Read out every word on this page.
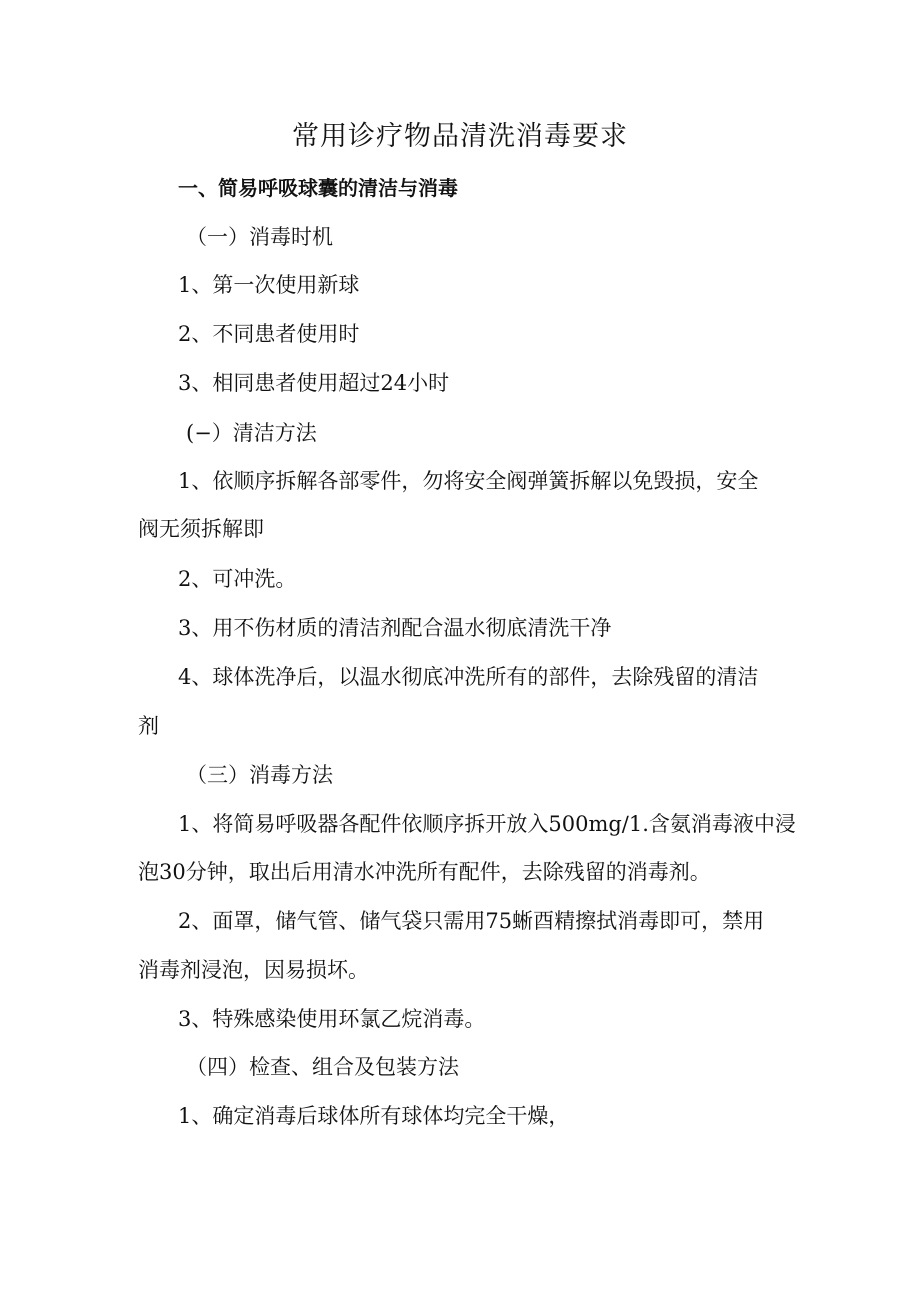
常用诊疗物品清洗消毒要求
一、简易呼吸球囊的清洁与消毒
（一）消毒时机
1、第一次使用新球
2、不同患者使用时
3、相同患者使用超过24小时
(−）清洁方法
1、依顺序拆解各部零件，勿将安全阀弹簧拆解以免毁损，安全
阀无须拆解即
2、可冲洗。
3、用不伤材质的清洁剂配合温水彻底清洗干净
4、球体洗净后，以温水彻底冲洗所有的部件，去除残留的清洁
剂
（三）消毒方法
1、将简易呼吸器各配件依顺序拆开放入500mg∕1.含氨消毒液中浸
泡30分钟，取出后用清水冲洗所有配件，去除残留的消毒剂。
2、面罩，储气管、储气袋只需用75蜥酉精擦拭消毒即可，禁用
消毒剂浸泡，因易损坏。
3、特殊感染使用环氯乙烷消毒。
（四）检查、组合及包装方法
1、确定消毒后球体所有球体均完全干燥，
